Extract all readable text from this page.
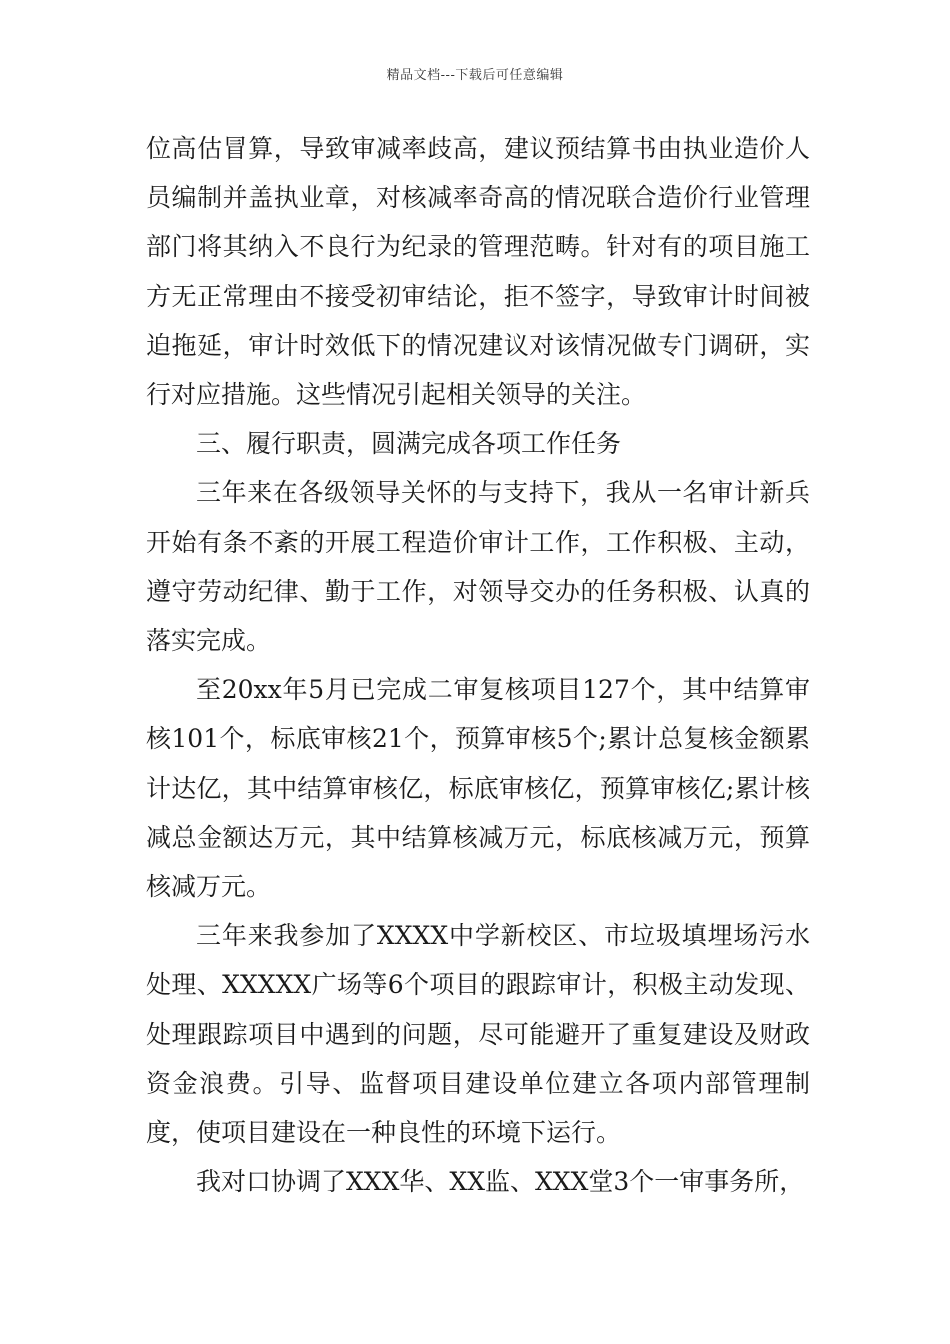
精品文档---下载后可任意编辑

位高估冒算，导致审减率歧高，建议预结算书由执业造价人员编制并盖执业章，对核减率奇高的情况联合造价行业管理部门将其纳入不良行为纪录的管理范畴。针对有的项目施工方无正常理由不接受初审结论，拒不签字，导致审计时间被迫拖延，审计时效低下的情况建议对该情况做专门调研，实行对应措施。这些情况引起相关领导的关注。

三、履行职责，圆满完成各项工作任务

三年来在各级领导关怀的与支持下，我从一名审计新兵开始有条不紊的开展工程造价审计工作，工作积极、主动，遵守劳动纪律、勤于工作，对领导交办的任务积极、认真的落实完成。

至20xx年5月已完成二审复核项目127个，其中结算审核101个，标底审核21个，预算审核5个;累计总复核金额累计达亿，其中结算审核亿，标底审核亿，预算审核亿;累计核减总金额达万元，其中结算核减万元，标底核减万元，预算核减万元。

三年来我参加了XXXX中学新校区、市垃圾填埋场污水处理、XXXXX广场等6个项目的跟踪审计，积极主动发现、处理跟踪项目中遇到的问题，尽可能避开了重复建设及财政资金浪费。引导、监督项目建设单位建立各项内部管理制度，使项目建设在一种良性的环境下运行。

我对口协调了XXX华、XX监、XXX堂3个一审事务所，
